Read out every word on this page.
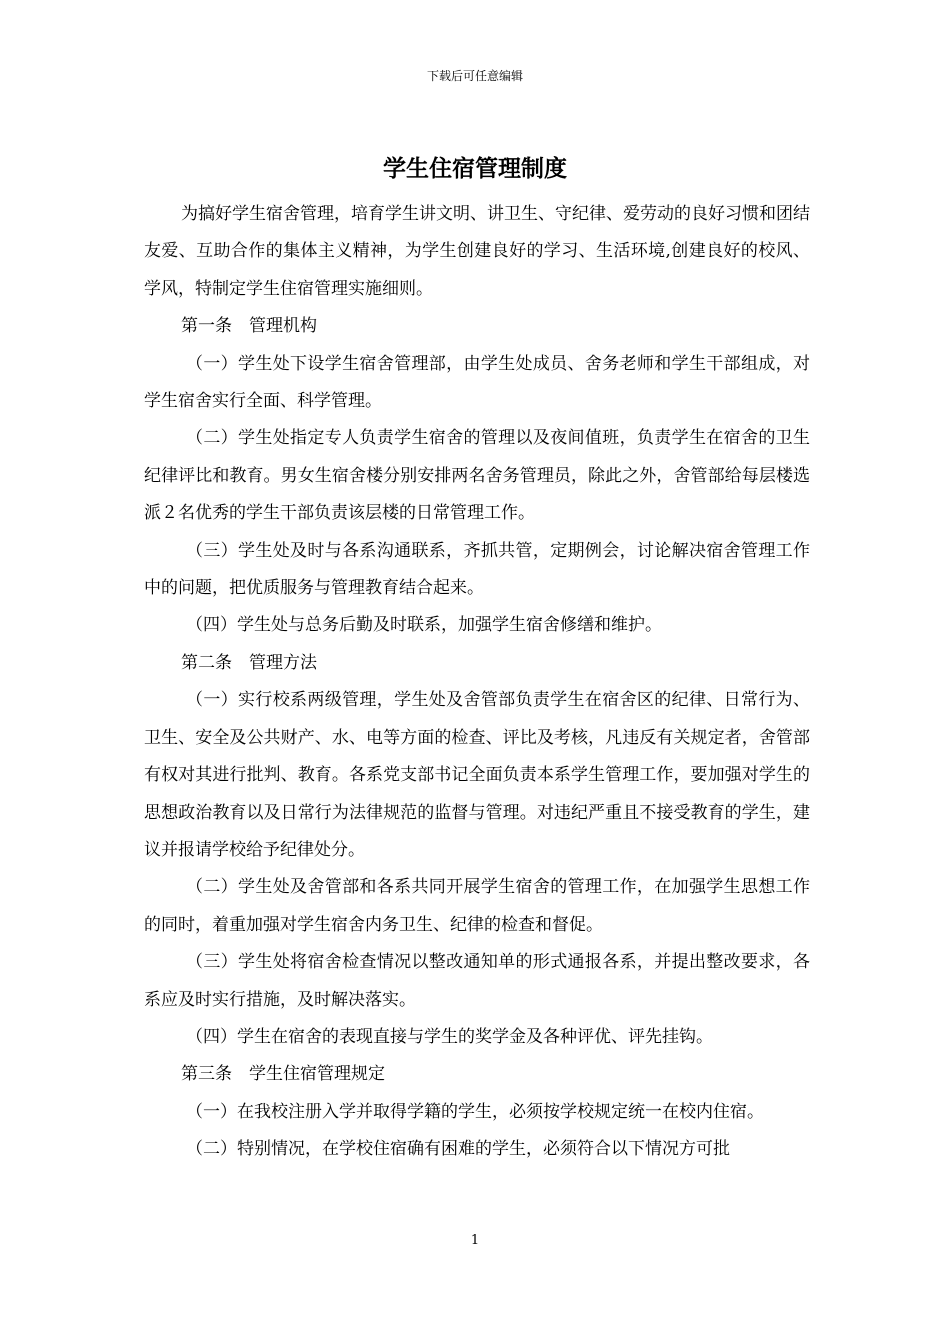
下载后可任意编辑
学生住宿管理制度

为搞好学生宿舍管理，培育学生讲文明、讲卫生、守纪律、爱劳动的良好习惯和团结友爱、互助合作的集体主义精神，为学生创建良好的学习、生活环境,创建良好的校风、学风，特制定学生住宿管理实施细则。

第一条　管理机构

（一）学生处下设学生宿舍管理部，由学生处成员、舍务老师和学生干部组成，对学生宿舍实行全面、科学管理。

（二）学生处指定专人负责学生宿舍的管理以及夜间值班，负责学生在宿舍的卫生纪律评比和教育。男女生宿舍楼分别安排两名舍务管理员，除此之外，舍管部给每层楼选派２名优秀的学生干部负责该层楼的日常管理工作。

（三）学生处及时与各系沟通联系，齐抓共管，定期例会，讨论解决宿舍管理工作中的问题，把优质服务与管理教育结合起来。

（四）学生处与总务后勤及时联系，加强学生宿舍修缮和维护。

第二条　管理方法

（一）实行校系两级管理，学生处及舍管部负责学生在宿舍区的纪律、日常行为、卫生、安全及公共财产、水、电等方面的检查、评比及考核，凡违反有关规定者，舍管部有权对其进行批判、教育。各系党支部书记全面负责本系学生管理工作，要加强对学生的思想政治教育以及日常行为法律规范的监督与管理。对违纪严重且不接受教育的学生，建议并报请学校给予纪律处分。

（二）学生处及舍管部和各系共同开展学生宿舍的管理工作，在加强学生思想工作的同时，着重加强对学生宿舍内务卫生、纪律的检查和督促。

（三）学生处将宿舍检查情况以整改通知单的形式通报各系，并提出整改要求，各系应及时实行措施，及时解决落实。

（四）学生在宿舍的表现直接与学生的奖学金及各种评优、评先挂钩。

第三条　学生住宿管理规定

（一）在我校注册入学并取得学籍的学生，必须按学校规定统一在校内住宿。

（二）特别情况，在学校住宿确有困难的学生，必须符合以下情况方可批

1
